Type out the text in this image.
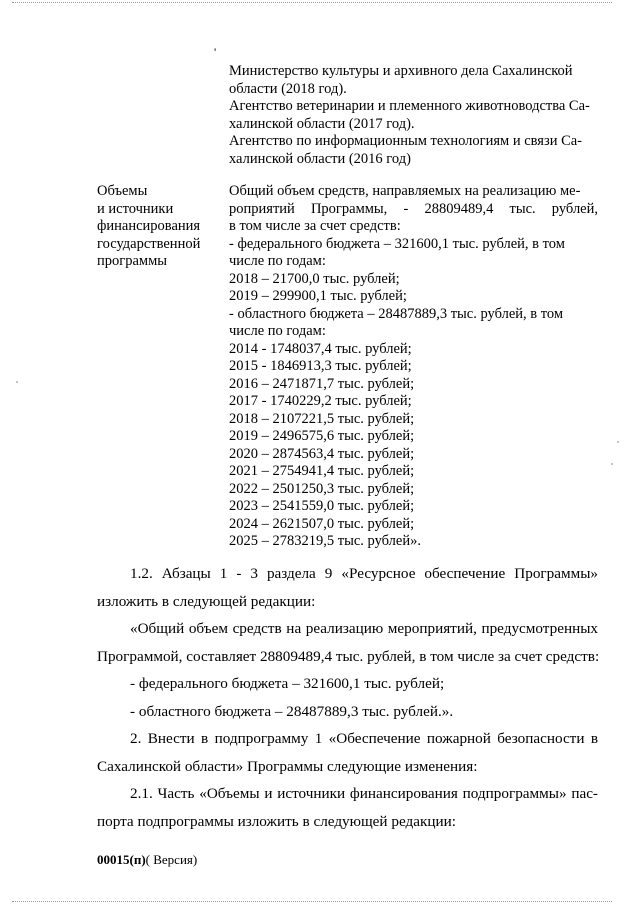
'
Министерство культуры и архивного дела Сахалинской
области (2018 год).
Агентство ветеринарии и племенного животноводства Са-
халинской области (2017 год).
Агентство по информационным технологиям и связи Са-
халинской области (2016 год)
Объемы
и источники
финансирования
государственной
программы
Общий объем средств, направляемых на реализацию ме-
роприятий Программы, - 28809489,4 тыс. рублей,
в том числе за счет средств:
- федерального бюджета – 321600,1 тыс. рублей, в том
числе по годам:
2018 – 21700,0 тыс. рублей;
2019 – 299900,1 тыс. рублей;
- областного бюджета – 28487889,3 тыс. рублей, в том
числе по годам:
2014 - 1748037,4 тыс. рублей;
2015 - 1846913,3 тыс. рублей;
2016 – 2471871,7 тыс. рублей;
2017 - 1740229,2 тыс. рублей;
2018 – 2107221,5 тыс. рублей;
2019 – 2496575,6 тыс. рублей;
2020 – 2874563,4 тыс. рублей;
2021 – 2754941,4 тыс. рублей;
2022 – 2501250,3 тыс. рублей;
2023 – 2541559,0 тыс. рублей;
2024 – 2621507,0 тыс. рублей;
2025 – 2783219,5 тыс. рублей».
1.2. Абзацы 1 - 3 раздела 9 «Ресурсное обеспечение Программы»
изложить в следующей редакции:
«Общий объем средств на реализацию мероприятий, предусмотренных
Программой, составляет 28809489,4 тыс. рублей, в том числе за счет средств:
- федерального бюджета – 321600,1 тыс. рублей;
- областного бюджета – 28487889,3 тыс. рублей.».
2. Внести в подпрограмму 1 «Обеспечение пожарной безопасности в
Сахалинской области» Программы следующие изменения:
2.1. Часть «Объемы и источники финансирования подпрограммы» пас-
порта подпрограммы изложить в следующей редакции:
00015(п)( Версия)
